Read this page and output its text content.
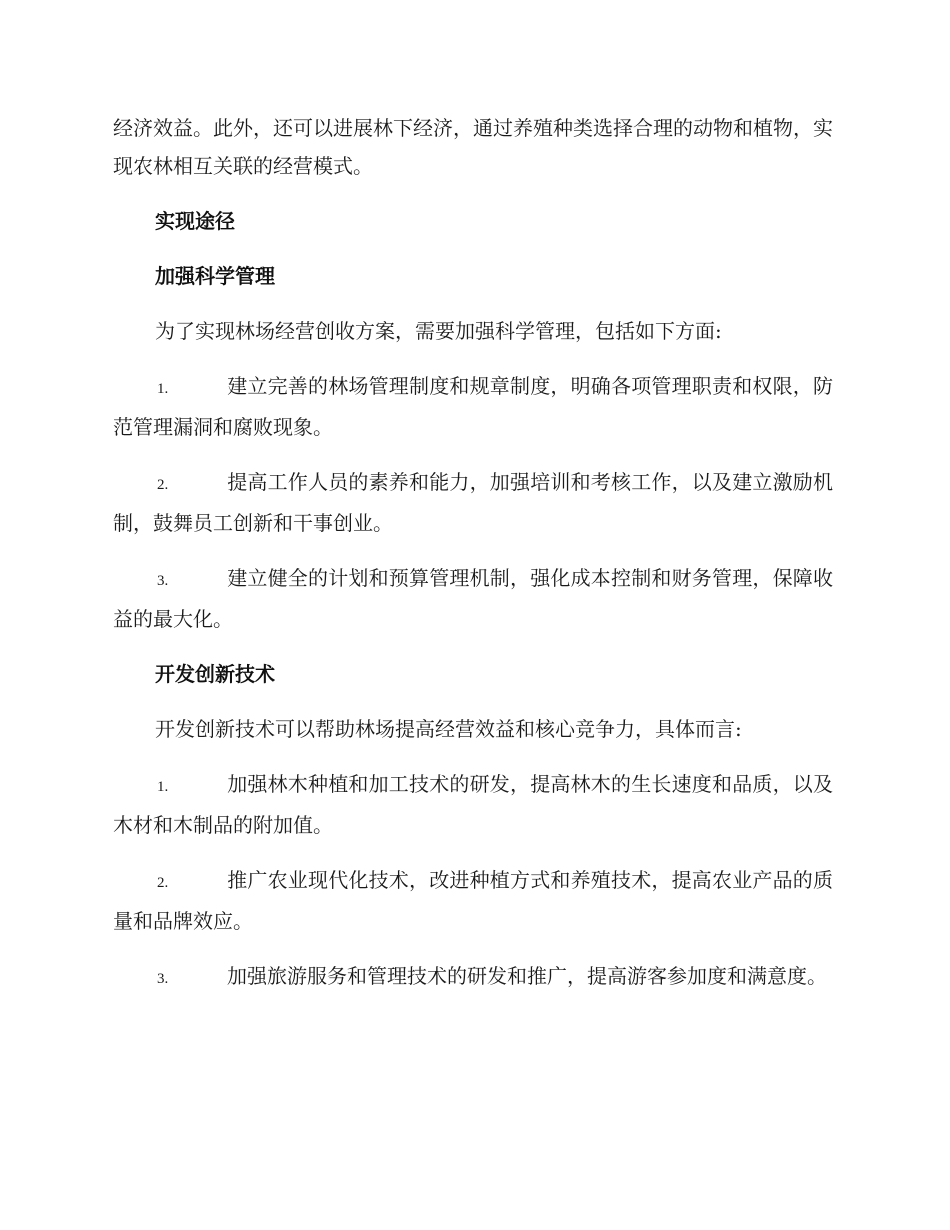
经济效益。此外，还可以进展林下经济，通过养殖种类选择合理的动物和植物，实现农林相互关联的经营模式。

实现途径
加强科学管理

为了实现林场经营创收方案，需要加强科学管理，包括如下方面:

1.	建立完善的林场管理制度和规章制度，明确各项管理职责和权限，防范管理漏洞和腐败现象。
2.	提高工作人员的素养和能力，加强培训和考核工作，以及建立激励机制，鼓舞员工创新和干事创业。
3.	建立健全的计划和预算管理机制，强化成本控制和财务管理，保障收益的最大化。
开发创新技术

开发创新技术可以帮助林场提高经营效益和核心竞争力，具体而言:

1.	加强林木种植和加工技术的研发，提高林木的生长速度和品质，以及木材和木制品的附加值。
2.	推广农业现代化技术，改进种植方式和养殖技术，提高农业产品的质量和品牌效应。
3.	加强旅游服务和管理技术的研发和推广，提高游客参加度和满意度。
